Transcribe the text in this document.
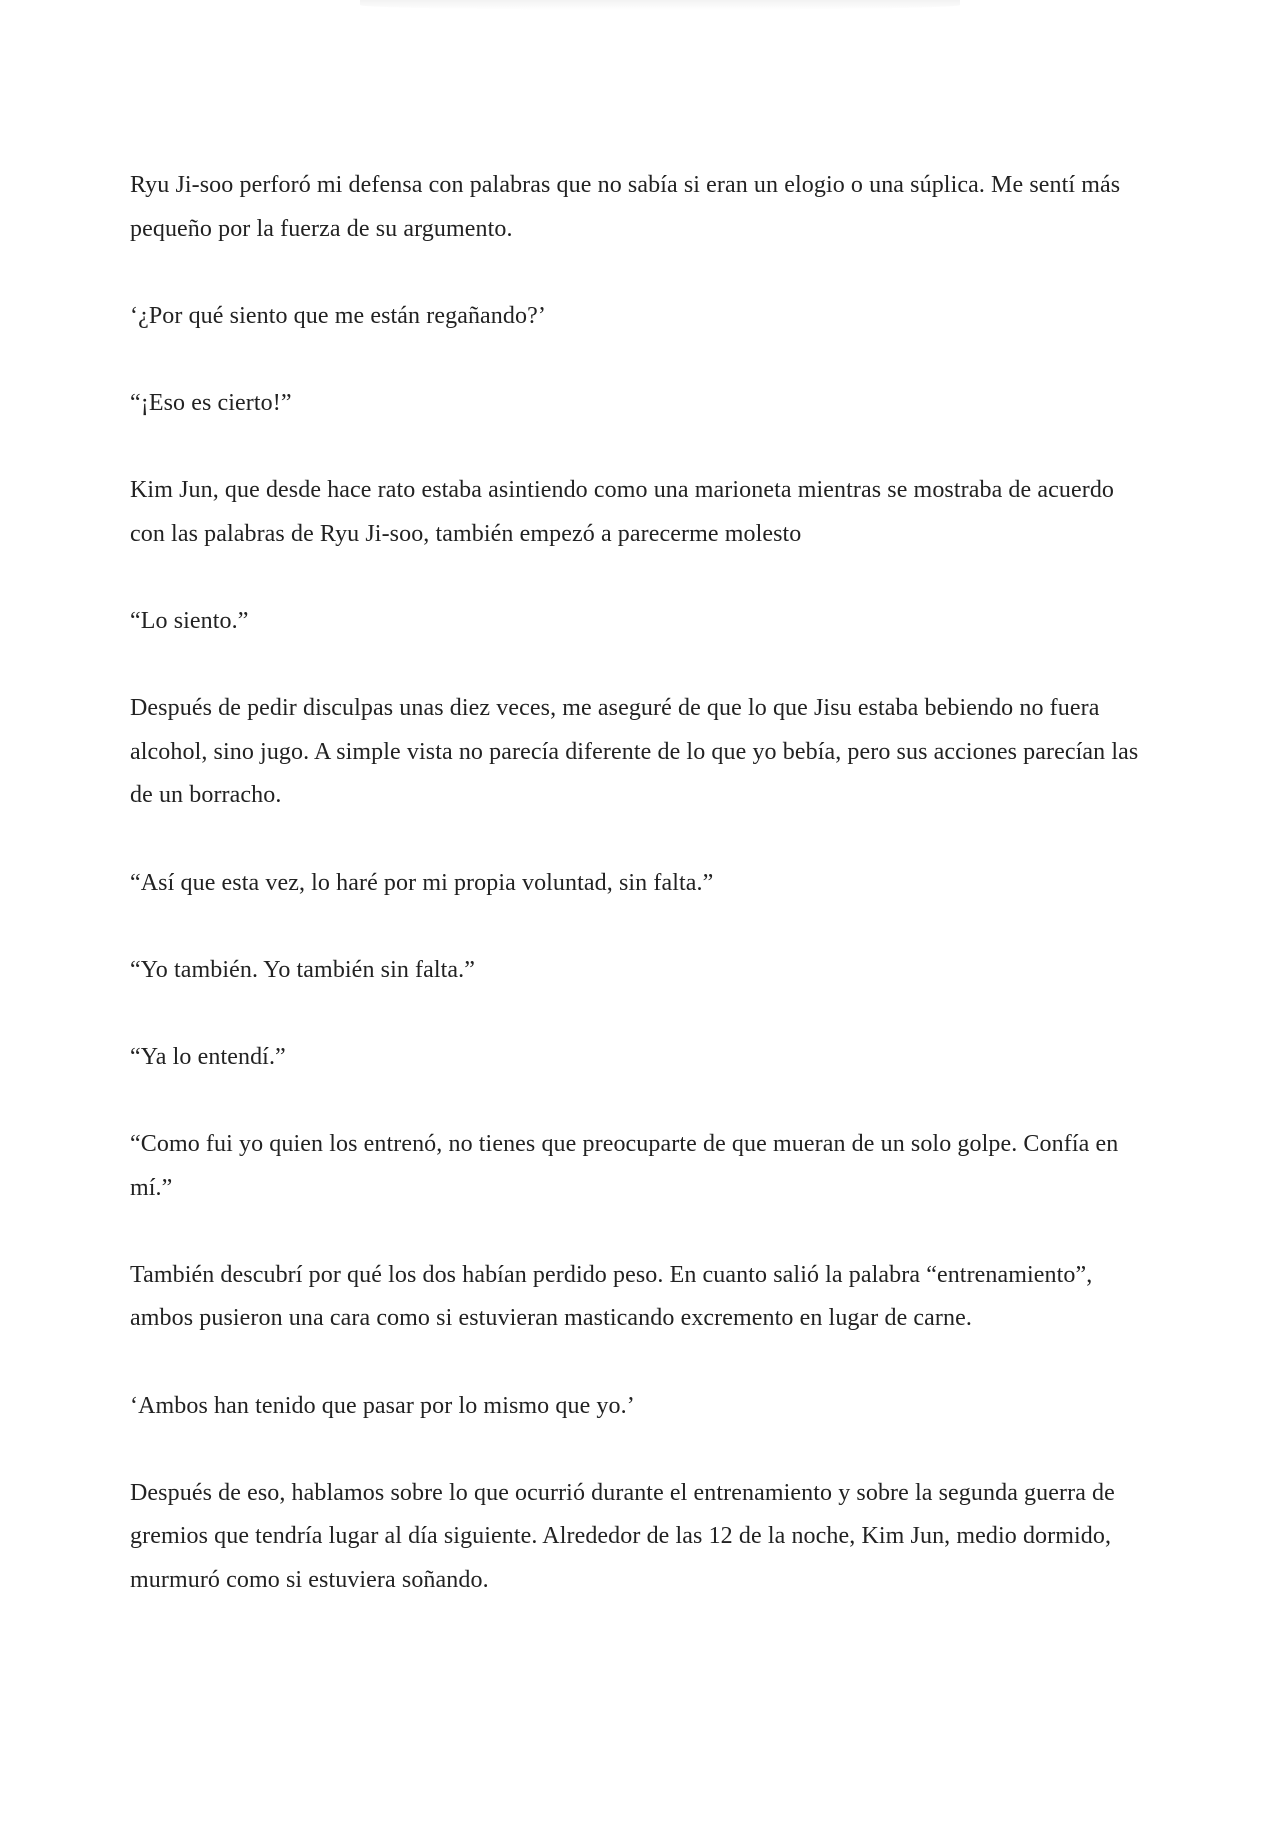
Ryu Ji-soo perforó mi defensa con palabras que no sabía si eran un elogio o una súplica. Me sentí más pequeño por la fuerza de su argumento.

‘¿Por qué siento que me están regañando?’

“¡Eso es cierto!”

Kim Jun, que desde hace rato estaba asintiendo como una marioneta mientras se mostraba de acuerdo con las palabras de Ryu Ji-soo, también empezó a parecerme molesto

“Lo siento.”

Después de pedir disculpas unas diez veces, me aseguré de que lo que Jisu estaba bebiendo no fuera alcohol, sino jugo. A simple vista no parecía diferente de lo que yo bebía, pero sus acciones parecían las de un borracho.

“Así que esta vez, lo haré por mi propia voluntad, sin falta.”

“Yo también. Yo también sin falta.”

“Ya lo entendí.”

“Como fui yo quien los entrenó, no tienes que preocuparte de que mueran de un solo golpe. Confía en mí.”

También descubrí por qué los dos habían perdido peso. En cuanto salió la palabra “entrenamiento”, ambos pusieron una cara como si estuvieran masticando excremento en lugar de carne.

‘Ambos han tenido que pasar por lo mismo que yo.’

Después de eso, hablamos sobre lo que ocurrió durante el entrenamiento y sobre la segunda guerra de gremios que tendría lugar al día siguiente. Alrededor de las 12 de la noche, Kim Jun, medio dormido, murmuró como si estuviera soñando.
